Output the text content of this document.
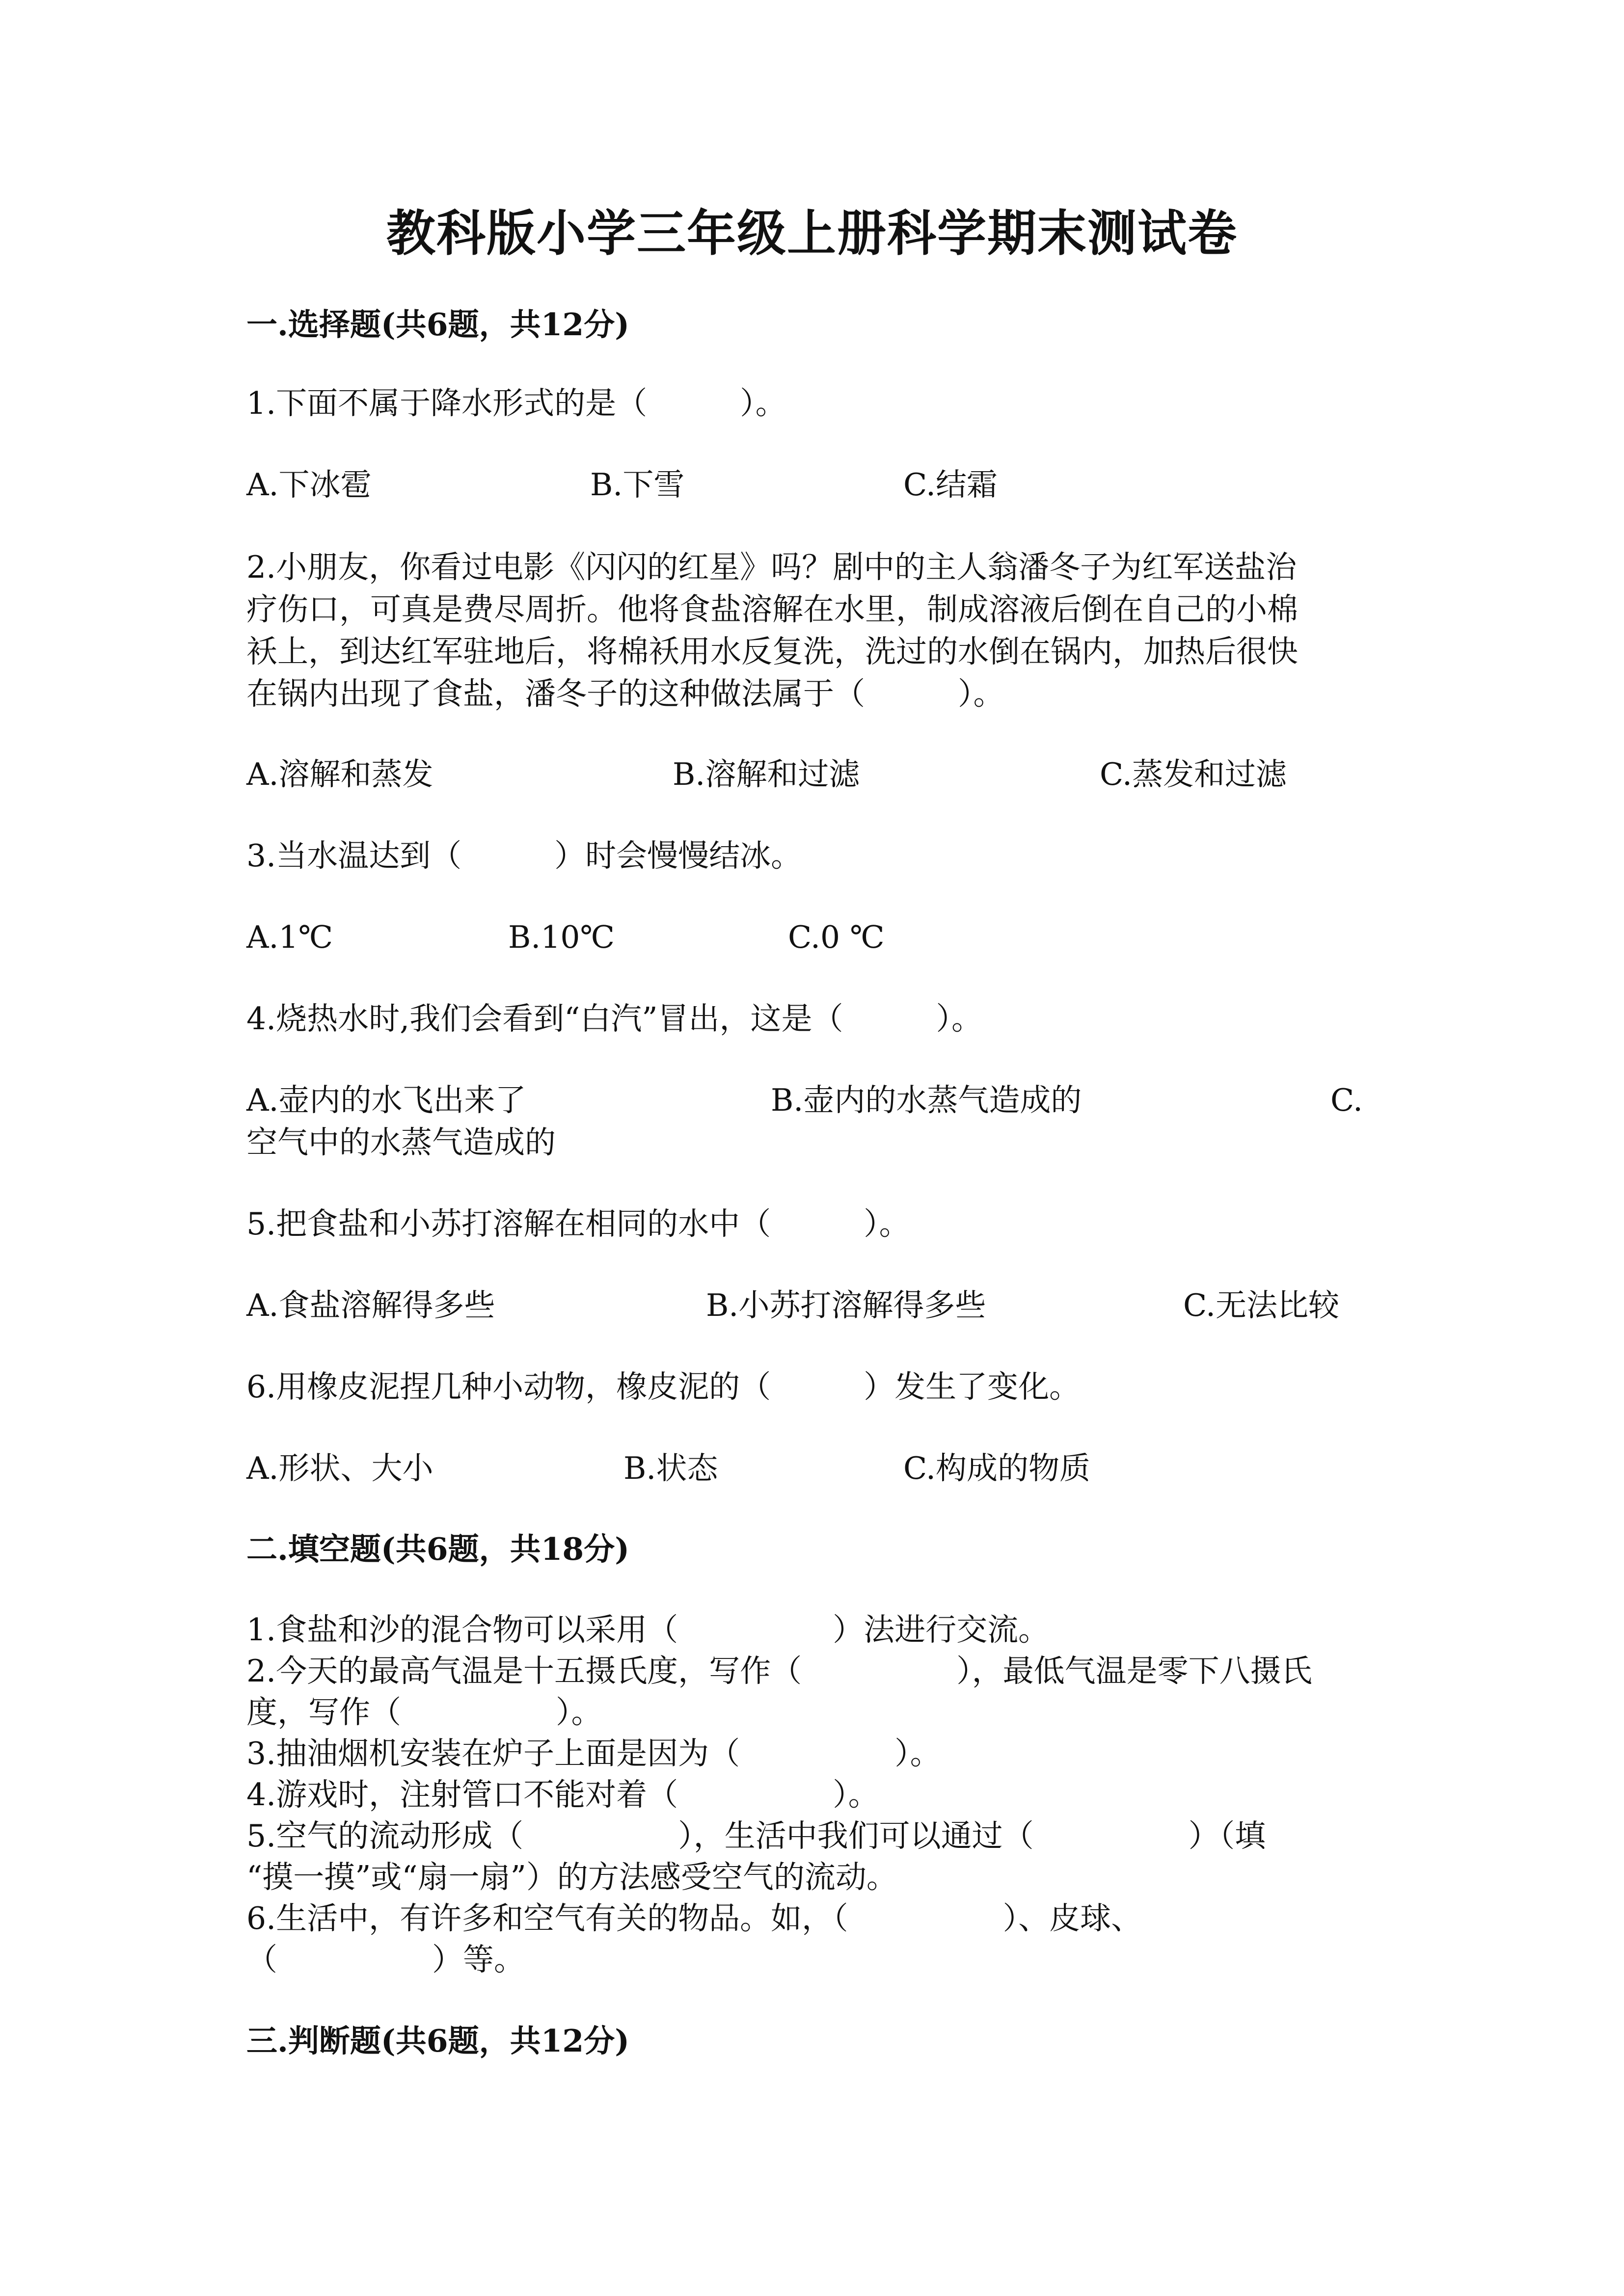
教科版小学三年级上册科学期末测试卷
一.选择题(共6题，共12分)
1.下面不属于降水形式的是（　　　）。
A.下冰雹	B.下雪	C.结霜
2.小朋友，你看过电影《闪闪的红星》吗？剧中的主人翁潘冬子为红军送盐治
疗伤口，可真是费尽周折。他将食盐溶解在水里，制成溶液后倒在自己的小棉
袄上，到达红军驻地后，将棉袄用水反复洗，洗过的水倒在锅内，加热后很快
在锅内出现了食盐，潘冬子的这种做法属于（　　　）。
A.溶解和蒸发	B.溶解和过滤	C.蒸发和过滤
3.当水温达到（　　　）时会慢慢结冰。
A.1℃	B.10℃	C.0 ℃
4.烧热水时,我们会看到“白汽”冒出，这是（　　　）。
A.壶内的水飞出来了	B.壶内的水蒸气造成的	C.
空气中的水蒸气造成的
5.把食盐和小苏打溶解在相同的水中（　　　）。
A.食盐溶解得多些	B.小苏打溶解得多些	C.无法比较
6.用橡皮泥捏几种小动物，橡皮泥的（　　　）发生了变化。
A.形状、大小	B.状态	C.构成的物质
二.填空题(共6题，共18分)
1.食盐和沙的混合物可以采用（　　　　　）法进行交流。
2.今天的最高气温是十五摄氏度，写作（　　　　　），最低气温是零下八摄氏
度，写作（　　　　　）。
3.抽油烟机安装在炉子上面是因为（　　　　　）。
4.游戏时，注射管口不能对着（　　　　　）。
5.空气的流动形成（　　　　　），生活中我们可以通过（　　　　　）（填
“摸一摸”或“扇一扇”）的方法感受空气的流动。
6.生活中，有许多和空气有关的物品。如，（　　　　　）、皮球、
（　　　　　）等。
三.判断题(共6题，共12分)
